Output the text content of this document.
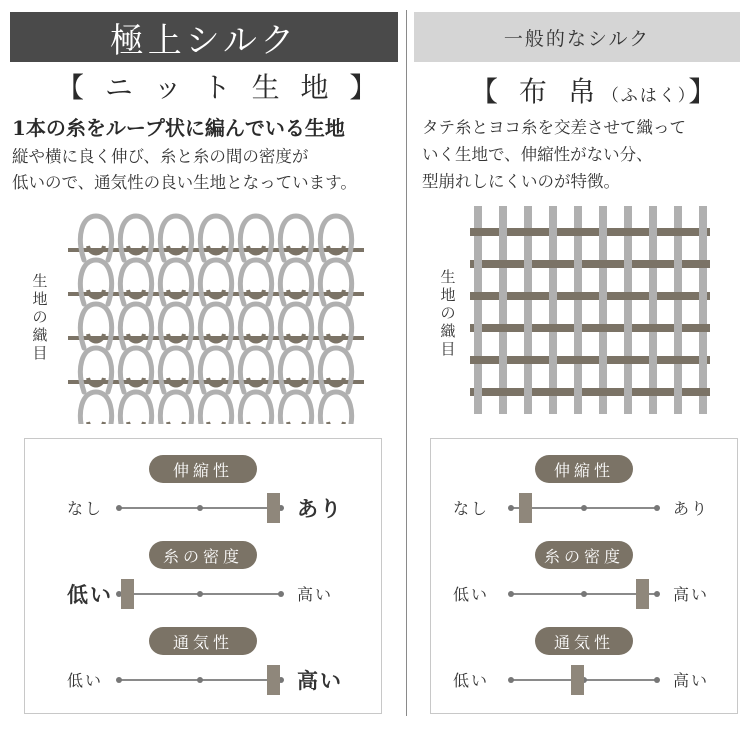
極上シルク
【 ニ ッ ト 生 地 】
1本の糸をループ状に編んでいる生地
縦や横に良く伸び、糸と糸の間の密度が
低いので、通気性の良い生地となっています。
生
地
の
織
目
伸縮性
なし	あり
糸の密度
低い	高い
通気性
低い	高い
一般的なシルク
【 布 帛（ふはく）】
タテ糸とヨコ糸を交差させて織って
いく生地で、伸縮性がない分、
型崩れしにくいのが特徴。
生
地
の
織
目
伸縮性
なし	あり
糸の密度
低い	高い
通気性
低い	高い
